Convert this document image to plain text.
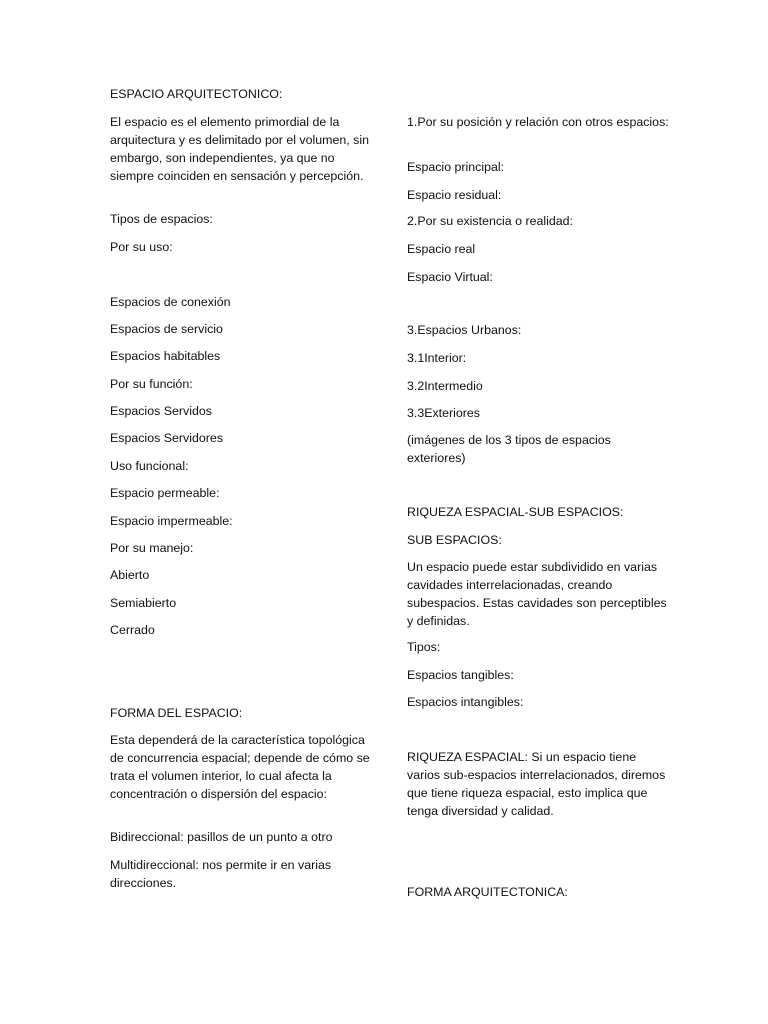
ESPACIO ARQUITECTONICO:

El espacio es el elemento primordial de la arquitectura y es delimitado por el volumen, sin embargo, son independientes, ya que no siempre coinciden en sensación y percepción.

Tipos de espacios:

Por su uso:

Espacios de conexión

Espacios de servicio

Espacios habitables

Por su función:

Espacios Servidos

Espacios Servidores

Uso funcional:

Espacio permeable:

Espacio impermeable:

Por su manejo:

Abierto

Semiabierto

Cerrado

FORMA DEL ESPACIO:

Esta dependerá de la característica topológica de concurrencia espacial; depende de cómo se trata el volumen interior, lo cual afecta la concentración o dispersión del espacio:

Bidireccional: pasillos de un punto a otro

Multidireccional: nos permite ir en varias direcciones.

1.Por su posición y relación con otros espacios:

Espacio principal:

Espacio residual:

2.Por su existencia o realidad:

Espacio real

Espacio Virtual:

3.Espacios Urbanos:

3.1Interior:

3.2Intermedio

3.3Exteriores

(imágenes de los 3 tipos de espacios exteriores)

RIQUEZA ESPACIAL-SUB ESPACIOS:

SUB ESPACIOS:

Un espacio puede estar subdividido en varias cavidades interrelacionadas, creando subespacios. Estas cavidades son perceptibles y definidas.

Tipos:

Espacios tangibles:

Espacios intangibles:

RIQUEZA ESPACIAL: Si un espacio tiene varios sub-espacios interrelacionados, diremos que tiene riqueza espacial, esto implica que tenga diversidad y calidad.

FORMA ARQUITECTONICA:
